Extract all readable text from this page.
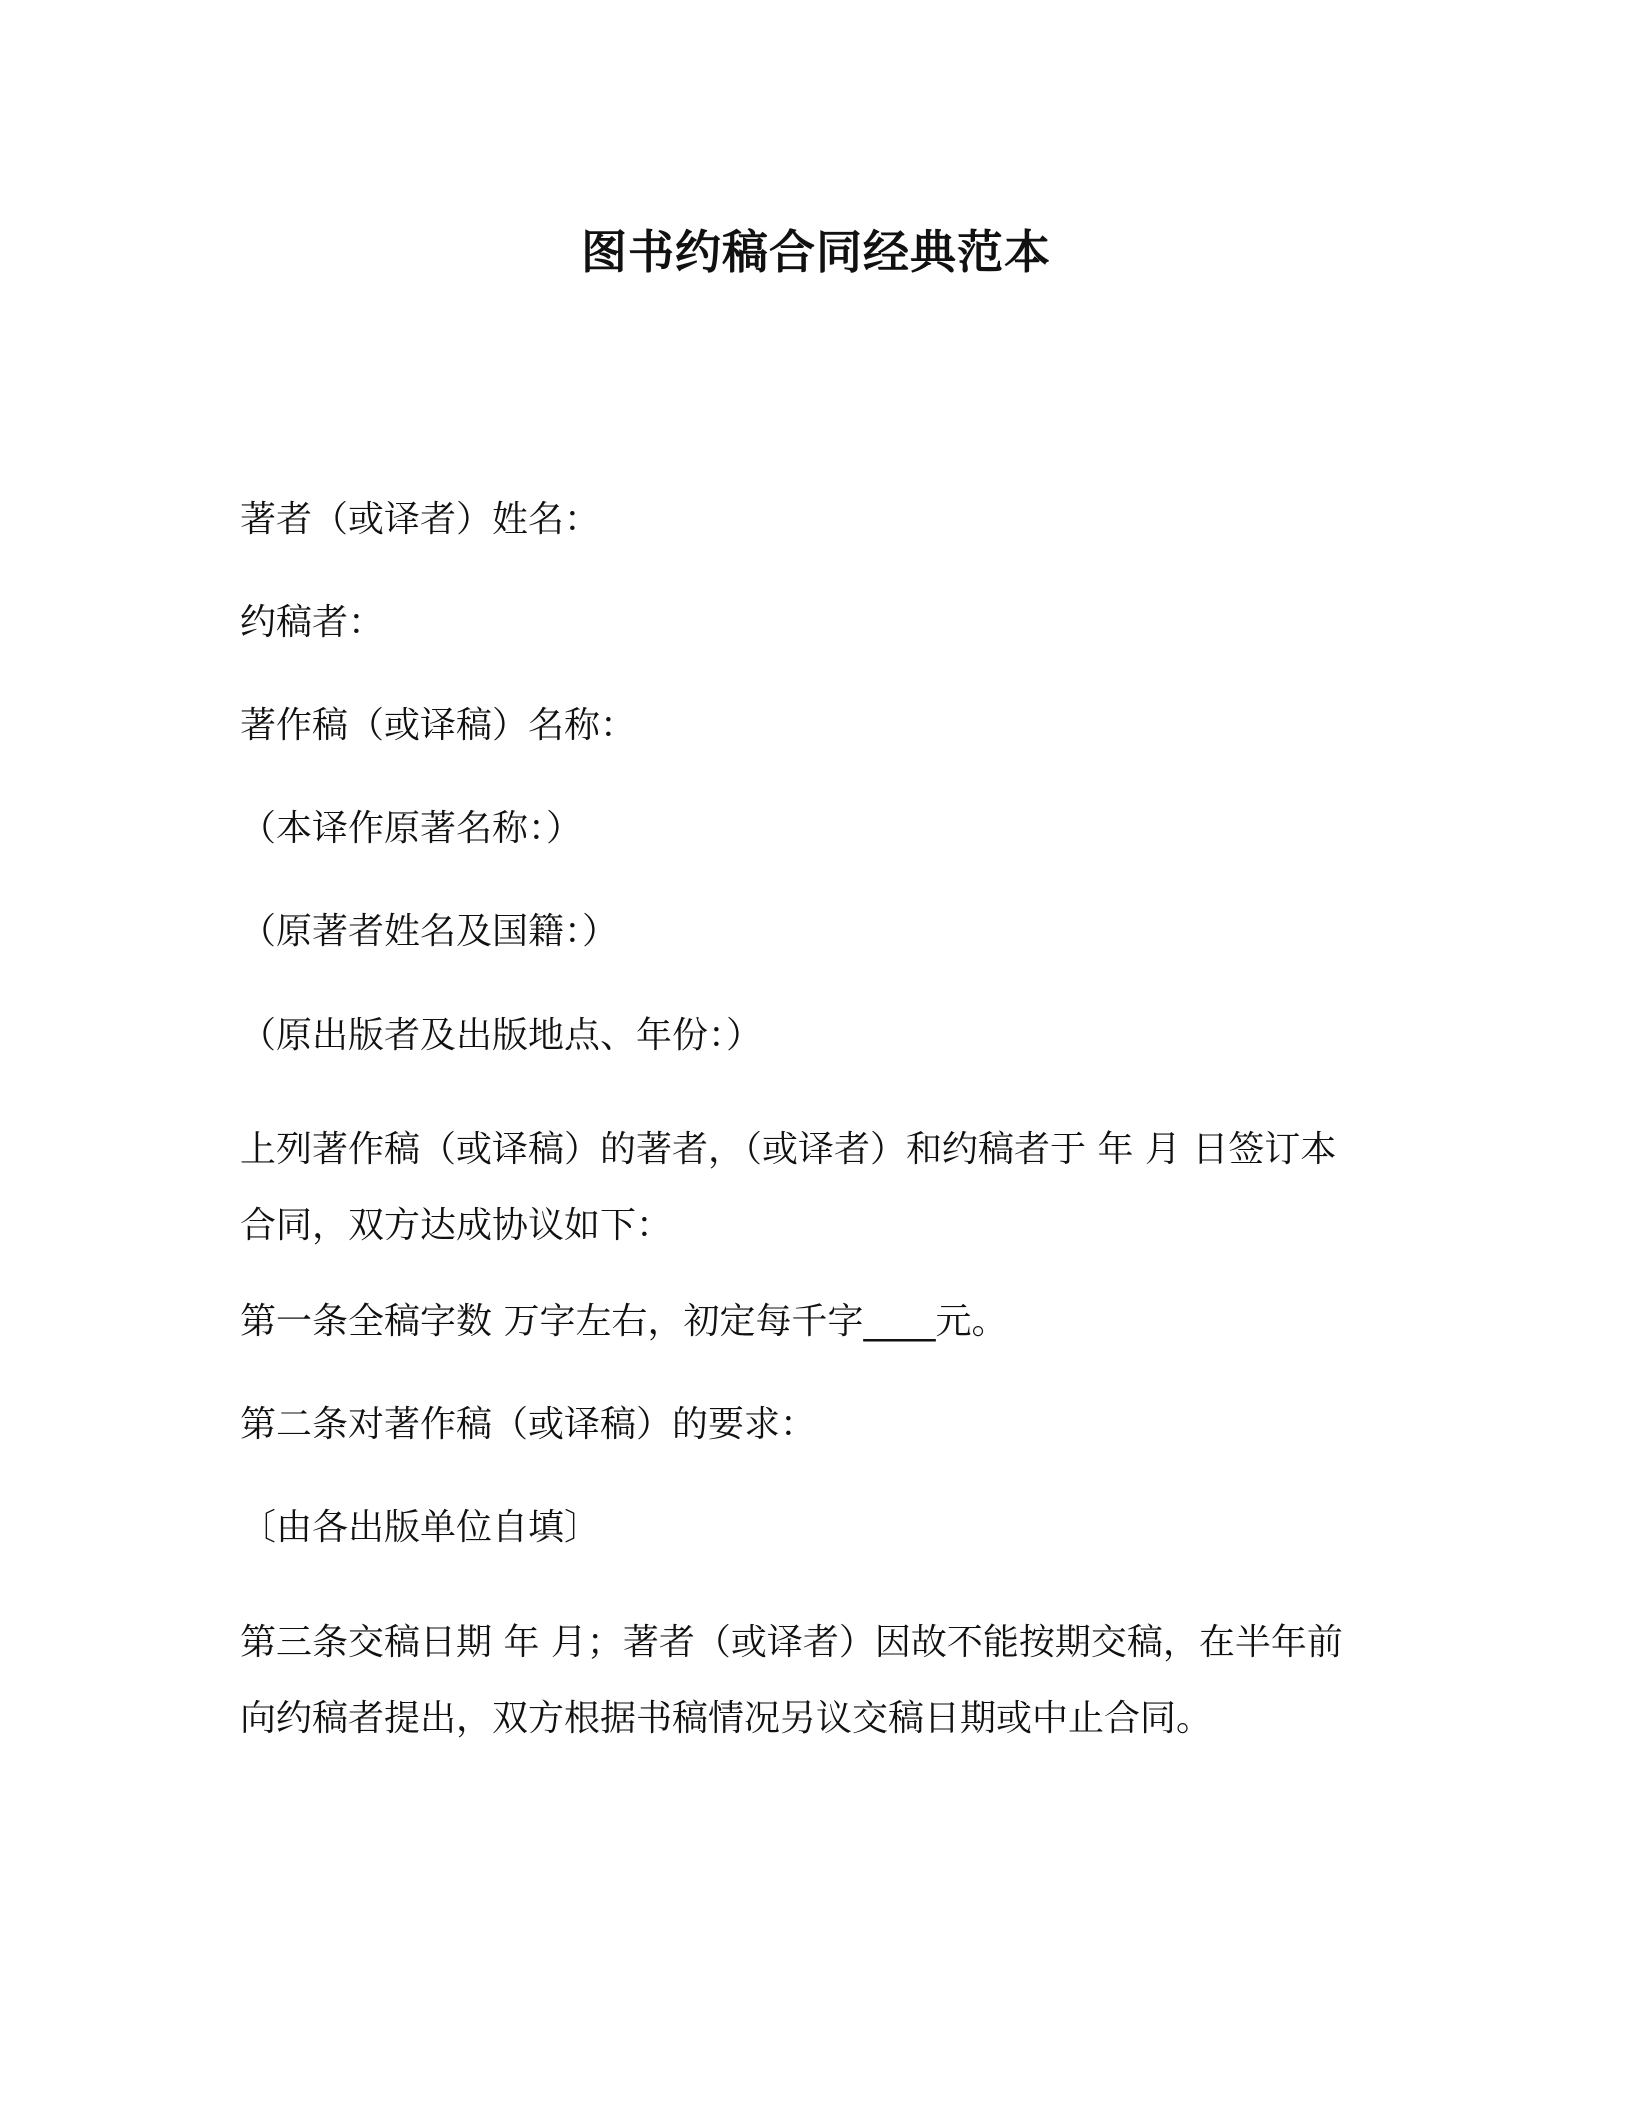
图书约稿合同经典范本
著者（或译者）姓名：
约稿者：
著作稿（或译稿）名称：
（本译作原著名称：）
（原著者姓名及国籍：）
（原出版者及出版地点、年份：）
上列著作稿（或译稿）的著者，（或译者）和约稿者于 年 月 日签订本
合同，双方达成协议如下：
第一条全稿字数 万字左右，初定每千字____元。
第二条对著作稿（或译稿）的要求：
〔由各出版单位自填〕
第三条交稿日期 年 月；著者（或译者）因故不能按期交稿，在半年前
向约稿者提出，双方根据书稿情况另议交稿日期或中止合同。
